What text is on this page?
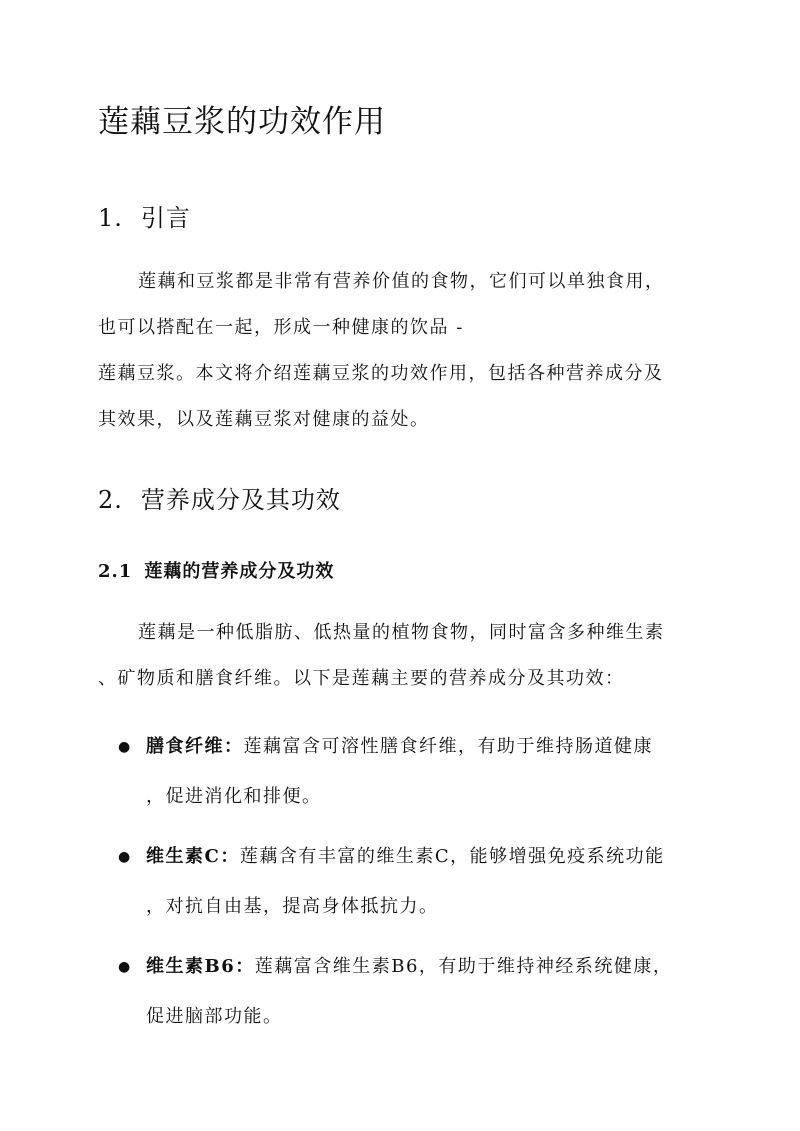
莲藕豆浆的功效作用
1. 引言

莲藕和豆浆都是非常有营养价值的食物，它们可以单独食用，
也可以搭配在一起，形成一种健康的饮品 -
莲藕豆浆。本文将介绍莲藕豆浆的功效作用，包括各种营养成分及
其效果，以及莲藕豆浆对健康的益处。

2. 营养成分及其功效
2.1 莲藕的营养成分及功效

莲藕是一种低脂肪、低热量的植物食物，同时富含多种维生素
、矿物质和膳食纤维。以下是莲藕主要的营养成分及其功效：

● 膳食纤维：莲藕富含可溶性膳食纤维，有助于维持肠道健康
，促进消化和排便。
● 维生素C：莲藕含有丰富的维生素C，能够增强免疫系统功能
，对抗自由基，提高身体抵抗力。
● 维生素B6：莲藕富含维生素B6，有助于维持神经系统健康，
促进脑部功能。
